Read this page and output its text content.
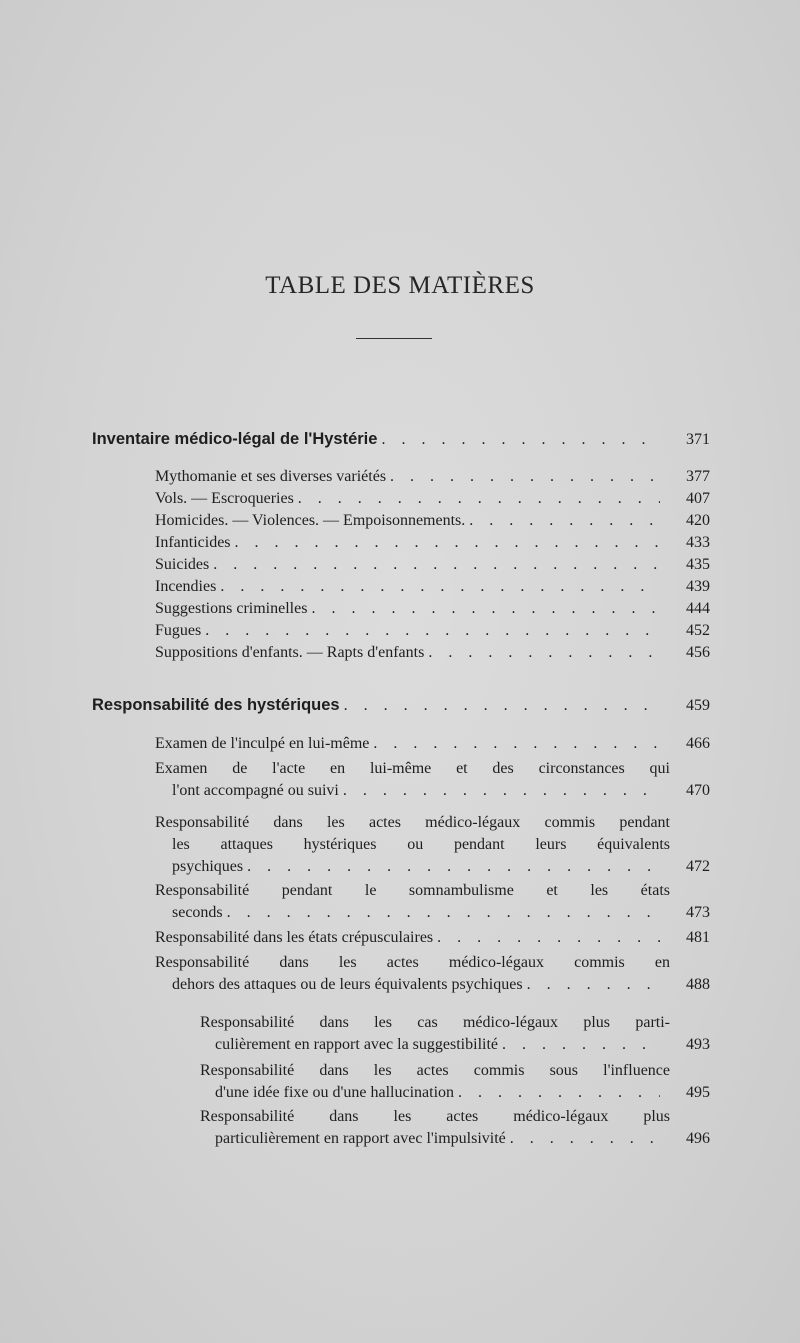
TABLE DES MATIÈRES
Inventaire médico-légal de l'Hystérie . . .	371
Mythomanie et ses diverses variétés . . .	377
Vols. — Escroqueries . . .	407
Homicides. — Violences. — Empoisonnements. . . .	420
Infanticides . . .	433
Suicides . . .	435
Incendies . . .	439
Suggestions criminelles . . .	444
Fugues . . .	452
Suppositions d'enfants. — Rapts d'enfants . . .	456
Responsabilité des hystériques . . .	459
Examen de l'inculpé en lui-même . . .	466
Examen de l'acte en lui-même et des circonstances qui
l'ont accompagné ou suivi . . .	470
Responsabilité dans les actes médico-légaux commis pendant
les attaques hystériques ou pendant leurs équivalents
psychiques . . .	472
Responsabilité pendant le somnambulisme et les états
seconds . . .	473
Responsabilité dans les états crépusculaires . . .	481
Responsabilité dans les actes médico-légaux commis en
dehors des attaques ou de leurs équivalents psychiques . . .	488
Responsabilité dans les cas médico-légaux plus parti-
culièrement en rapport avec la suggestibilité . . .	493
Responsabilité dans les actes commis sous l'influence
d'une idée fixe ou d'une hallucination . . .	495
Responsabilité dans les actes médico-légaux plus
particulièrement en rapport avec l'impulsivité . . .	496
